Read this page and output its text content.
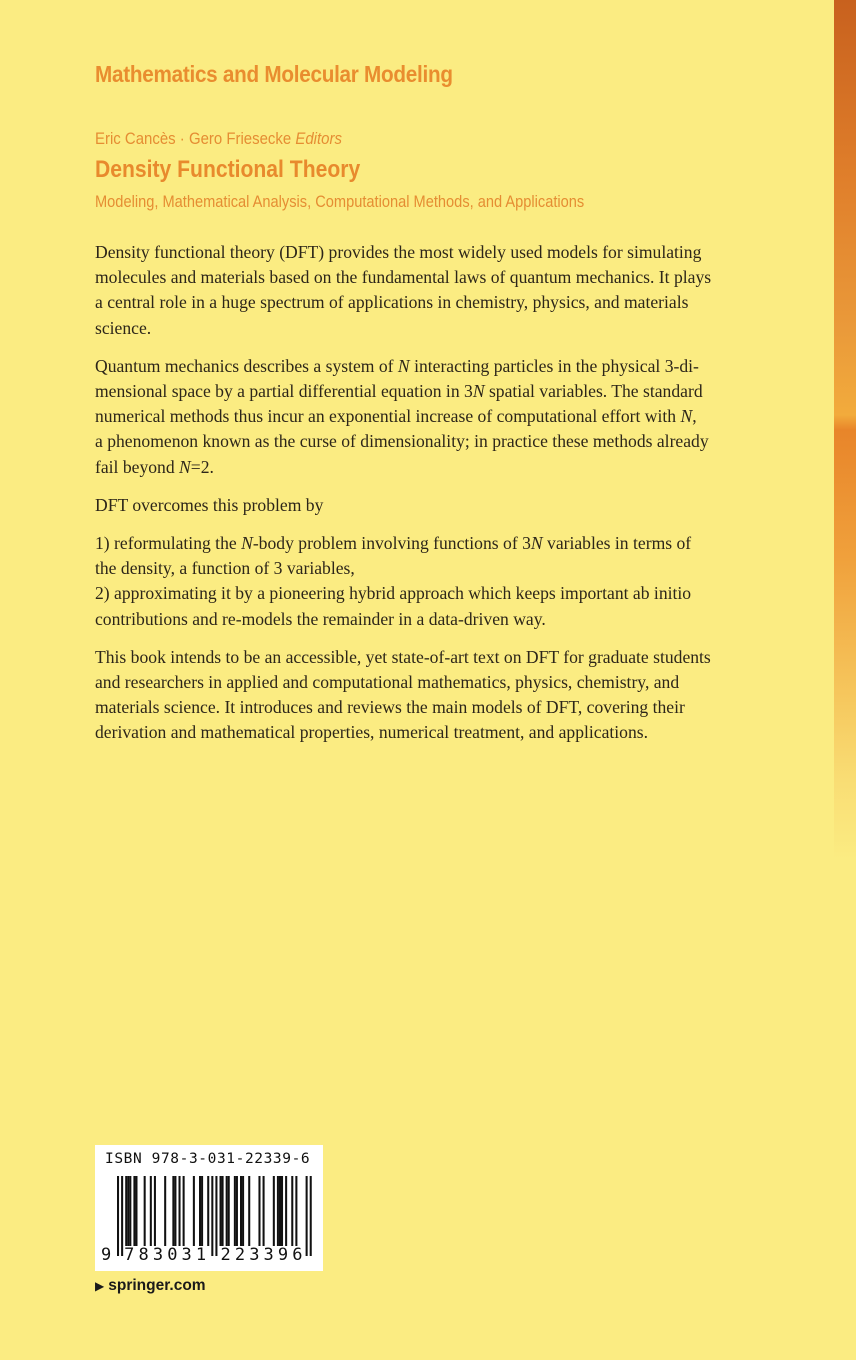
Mathematics and Molecular Modeling
Eric Cancès · Gero Friesecke Editors
Density Functional Theory
Modeling, Mathematical Analysis, Computational Methods, and Applications

Density functional theory (DFT) provides the most widely used models for simulating
molecules and materials based on the fundamental laws of quantum mechanics. It plays
a central role in a huge spectrum of applications in chemistry, physics, and materials
science.

Quantum mechanics describes a system of N interacting particles in the physical 3-di-
mensional space by a partial differential equation in 3N spatial variables. The standard
numerical methods thus incur an exponential increase of computational effort with N,
a phenomenon known as the curse of dimensionality; in practice these methods already
fail beyond N=2.

DFT overcomes this problem by

1) reformulating the N-body problem involving functions of 3N variables in terms of
the density, a function of 3 variables,
2) approximating it by a pioneering hybrid approach which keeps important ab initio
contributions and re-models the remainder in a data-driven way.

This book intends to be an accessible, yet state-of-art text on DFT for graduate students
and researchers in applied and computational mathematics, physics, chemistry, and
materials science. It introduces and reviews the main models of DFT, covering their
derivation and mathematical properties, numerical treatment, and applications.

ISBN 978-3-031-22339-6
9 7 8 3 0 3 1 2 2 3 3 9 6
▶ springer.com
